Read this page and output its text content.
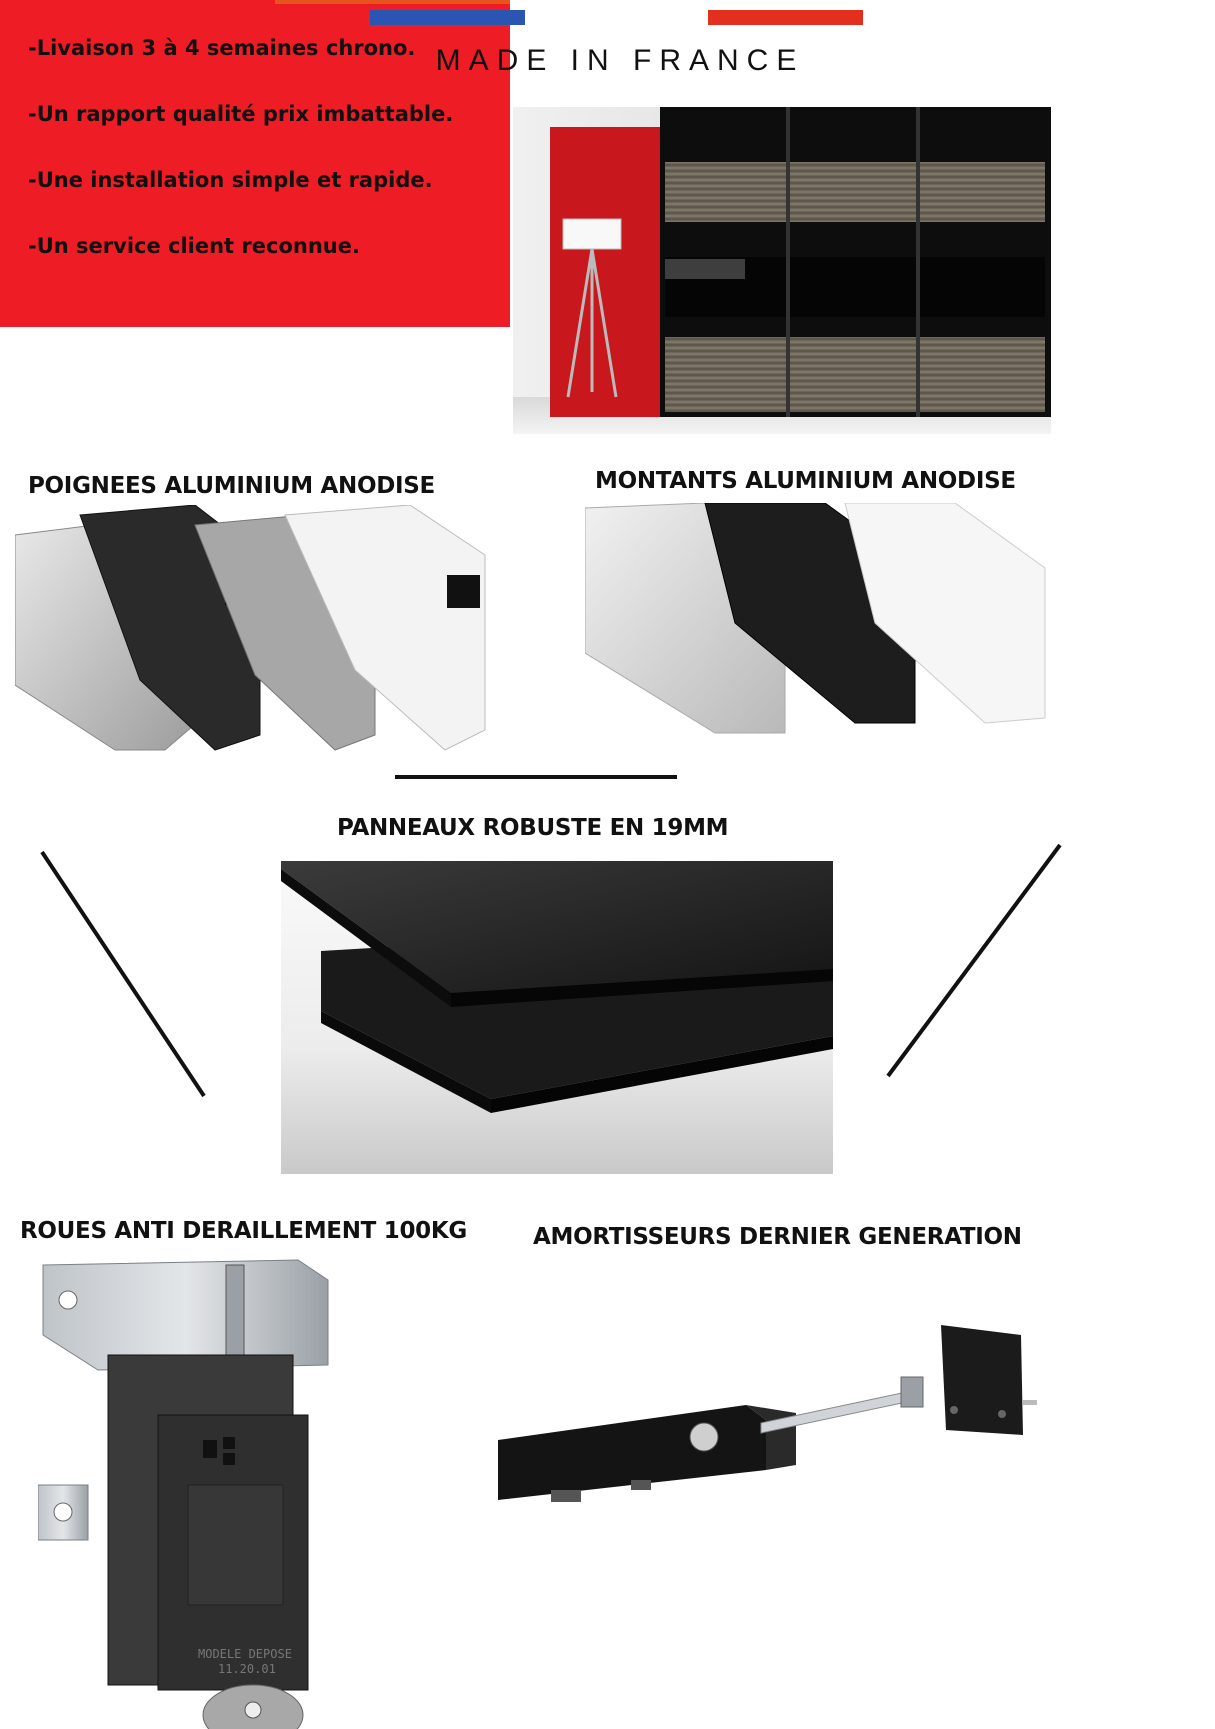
MADE IN FRANCE
-Livaison 3 à 4 semaines chrono.
-Un rapport qualité prix imbattable.
-Une installation simple et rapide.
-Un service client reconnue.
POIGNEES ALUMINIUM ANODISE	MONTANTS ALUMINIUM ANODISE
PANNEAUX ROBUSTE EN 19MM
ROUES ANTI DERAILLEMENT 100KG
MODELE DEPOSE
11.20.01
AMORTISSEURS DERNIER GENERATION
